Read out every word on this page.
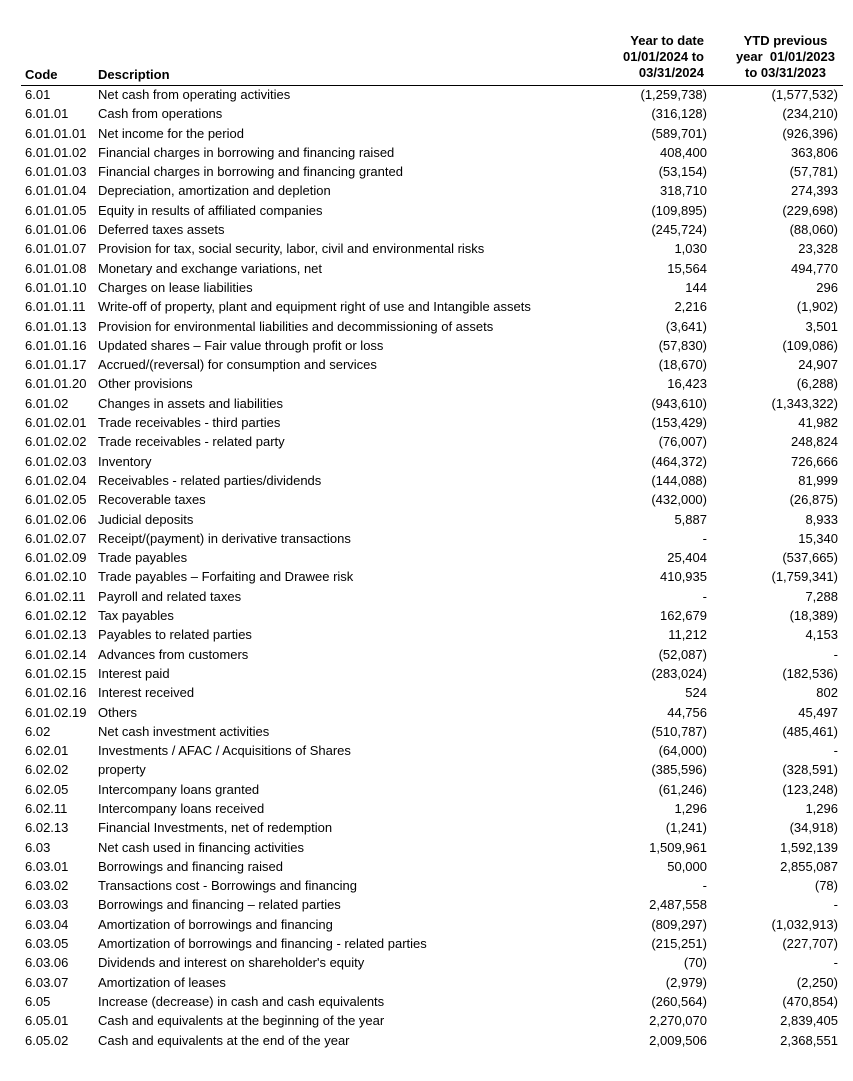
Code	Description
Year to date
01/01/2024 to
03/31/2024
YTD previous
year  01/01/2023
to 03/31/2023
6.01	Net cash from operating activities	(1,259,738)	(1,577,532)
6.01.01 Cash from operations	(316,128)	(234,210)
6.01.01.01 Net income for the period	(589,701)	(926,396)
6.01.01.02 Financial charges in borrowing and financing raised	408,400	363,806
6.01.01.03 Financial charges in borrowing and financing granted	(53,154)	(57,781)
6.01.01.04 Depreciation, amortization and depletion	318,710	274,393
6.01.01.05 Equity in results of affiliated companies	(109,895)	(229,698)
6.01.01.06 Deferred taxes assets	(245,724)	(88,060)
6.01.01.07 Provision for tax, social security, labor, civil and environmental risks	1,030	23,328
6.01.01.08 Monetary and exchange variations, net	15,564	494,770
6.01.01.10 Charges on lease liabilities	144	296
6.01.01.11 Write-off of property, plant and equipment right of use and Intangible assets	2,216	(1,902)
6.01.01.13 Provision for environmental liabilities and decommissioning of assets	(3,641)	3,501
6.01.01.16 Updated shares – Fair value through profit or loss	(57,830)	(109,086)
6.01.01.17 Accrued/(reversal) for consumption and services	(18,670)	24,907
6.01.01.20 Other provisions	16,423	(6,288)
6.01.02 Changes in assets and liabilities	(943,610)	(1,343,322)
6.01.02.01 Trade receivables - third parties	(153,429)	41,982
6.01.02.02 Trade receivables - related party	(76,007)	248,824
6.01.02.03 Inventory	(464,372)	726,666
6.01.02.04 Receivables - related parties/dividends	(144,088)	81,999
6.01.02.05 Recoverable taxes	(432,000)	(26,875)
6.01.02.06 Judicial deposits	5,887	8,933
6.01.02.07 Receipt/(payment) in derivative transactions	-	15,340
6.01.02.09 Trade payables	25,404	(537,665)
6.01.02.10 Trade payables – Forfaiting and Drawee risk	410,935	(1,759,341)
6.01.02.11 Payroll and related taxes	-	7,288
6.01.02.12 Tax payables	162,679	(18,389)
6.01.02.13 Payables to related parties	11,212	4,153
6.01.02.14 Advances from customers	(52,087)	-
6.01.02.15 Interest paid	(283,024)	(182,536)
6.01.02.16 Interest received	524	802
6.01.02.19 Others	44,756	45,497
6.02	Net cash investment activities	(510,787)	(485,461)
6.02.01 Investments / AFAC / Acquisitions of Shares	(64,000)	-
6.02.02 property	(385,596)	(328,591)
6.02.05 Intercompany loans granted	(61,246)	(123,248)
6.02.11 Intercompany loans received	1,296	1,296
6.02.13 Financial Investments, net of redemption	(1,241)	(34,918)
6.03	Net cash used in financing activities	1,509,961	1,592,139
6.03.01 Borrowings and financing raised	50,000	2,855,087
6.03.02 Transactions cost - Borrowings and financing	-	(78)
6.03.03 Borrowings and financing – related parties	2,487,558	-
6.03.04 Amortization of borrowings and financing	(809,297)	(1,032,913)
6.03.05 Amortization of borrowings and financing - related parties	(215,251)	(227,707)
6.03.06 Dividends and interest on shareholder's equity	(70)	-
6.03.07 Amortization of leases	(2,979)	(2,250)
6.05	Increase (decrease) in cash and cash equivalents	(260,564)	(470,854)
6.05.01 Cash and equivalents at the beginning of the year	2,270,070	2,839,405
6.05.02 Cash and equivalents at the end of the year	2,009,506	2,368,551
